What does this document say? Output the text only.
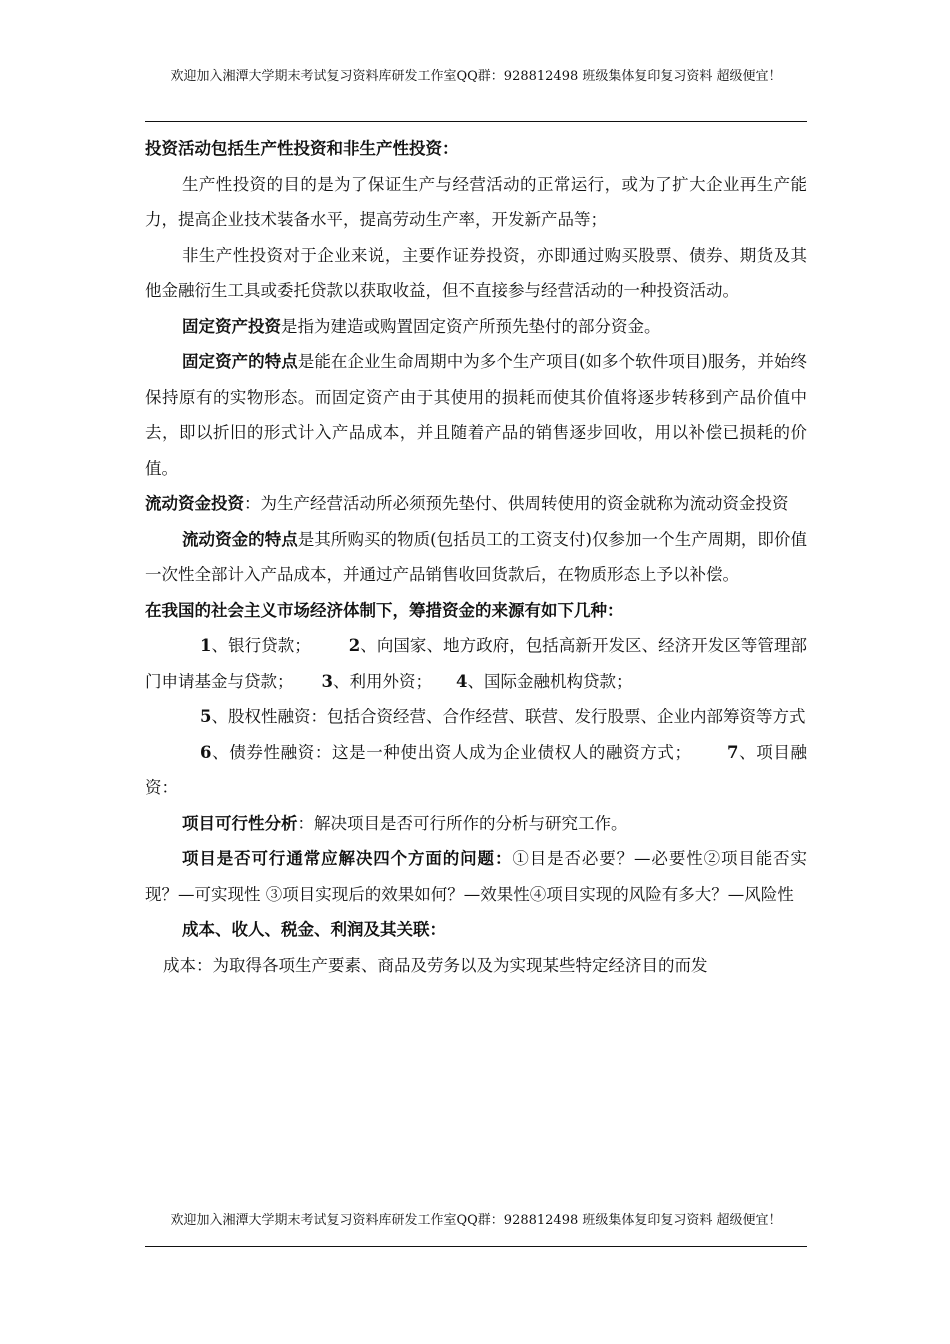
欢迎加入湘潭大学期末考试复习资料库研发工作室QQ群：928812498 班级集体复印复习资料 超级便宜！

投资活动包括生产性投资和非生产性投资：

生产性投资的目的是为了保证生产与经营活动的正常运行，或为了扩大企业再生产能力，提高企业技术装备水平，提高劳动生产率，开发新产品等；

非生产性投资对于企业来说，主要作证券投资，亦即通过购买股票、债券、期货及其他金融衍生工具或委托贷款以获取收益，但不直接参与经营活动的一种投资活动。

固定资产投资是指为建造或购置固定资产所预先垫付的部分资金。

固定资产的特点是能在企业生命周期中为多个生产项目(如多个软件项目)服务，并始终保持原有的实物形态。而固定资产由于其使用的损耗而使其价值将逐步转移到产品价值中去，即以折旧的形式计入产品成本，并且随着产品的销售逐步回收，用以补偿已损耗的价值。

流动资金投资：为生产经营活动所必须预先垫付、供周转使用的资金就称为流动资金投资

流动资金的特点是其所购买的物质(包括员工的工资支付)仅参加一个生产周期，即价值一次性全部计入产品成本，并通过产品销售收回货款后，在物质形态上予以补偿。

在我国的社会主义市场经济体制下，筹措资金的来源有如下几种：

1、银行贷款； 2、向国家、地方政府，包括高新开发区、经济开发区等管理部门申请基金与贷款； 3、利用外资； 4、国际金融机构贷款；

5、股权性融资：包括合资经营、合作经营、联营、发行股票、企业内部筹资等方式

6、债券性融资：这是一种使出资人成为企业债权人的融资方式； 7、项目融资：

项目可行性分析：解决项目是否可行所作的分析与研究工作。

项目是否可行通常应解决四个方面的问题：①目是否必要？—必要性②项目能否实现？—可实现性 ③项目实现后的效果如何？—效果性④项目实现的风险有多大？—风险性

成本、收人、税金、利润及其关联：

成本：为取得各项生产要素、商品及劳务以及为实现某些特定经济目的而发

欢迎加入湘潭大学期末考试复习资料库研发工作室QQ群：928812498 班级集体复印复习资料 超级便宜！
